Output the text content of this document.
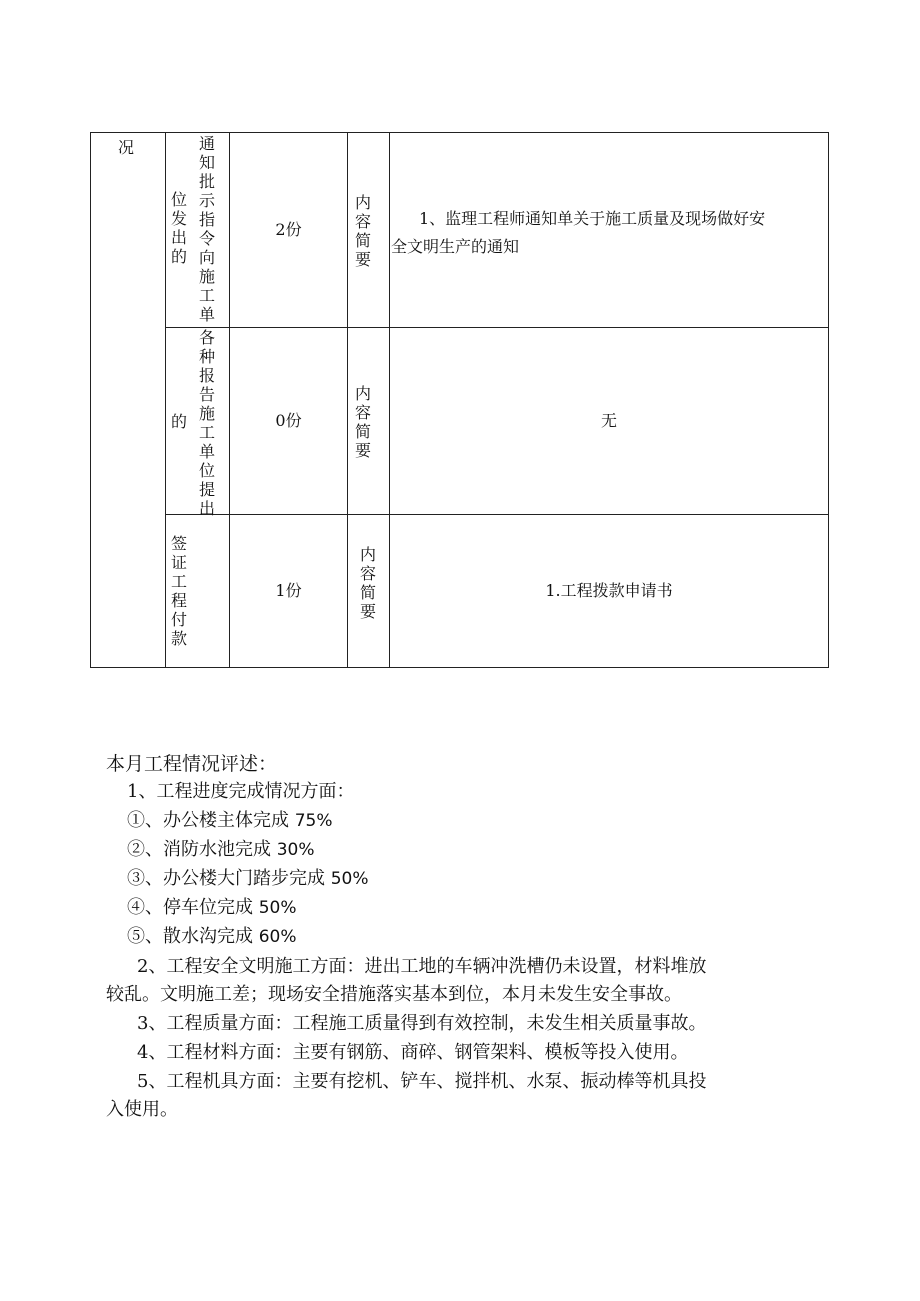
况
位发出的
通知批示指令向施工单
2份
内容简要
1、监理工程师通知单关于施工质量及现场做好安
全文明生产的通知
的
各种报告施工单位提出
0份
内容简要
无
签证工程付款
1份
内容简要
1.工程拨款申请书

本月工程情况评述：

1、工程进度完成情况方面：

①、办公楼主体完成 75%

②、消防水池完成 30%

③、办公楼大门踏步完成 50%

④、停车位完成 50%

⑤、散水沟完成 60%

2、工程安全文明施工方面：进出工地的车辆冲洗槽仍未设置，材料堆放

较乱。文明施工差；现场安全措施落实基本到位，本月未发生安全事故。

3、工程质量方面：工程施工质量得到有效控制，未发生相关质量事故。

4、工程材料方面：主要有钢筋、商碎、钢管架料、模板等投入使用。

5、工程机具方面：主要有挖机、铲车、搅拌机、水泵、振动棒等机具投

入使用。
